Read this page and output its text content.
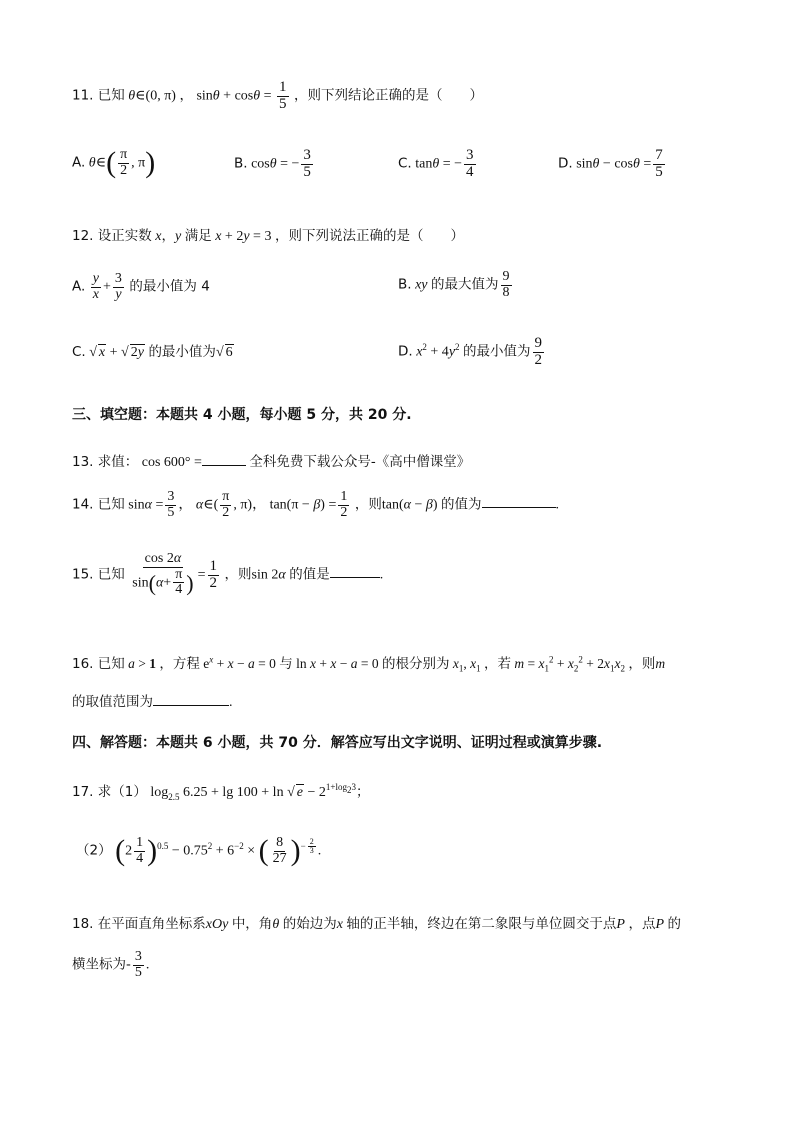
11. 已知 θ∈(0, π) ， $\sin\theta + \cos\theta = \frac{1}{5}$ ，则下列结论正确的是（　　）
A. θ∈( $\frac{\pi}{2}$ , π)	B. cosθ = − $\frac{3}{5}$	C. tanθ = − $\frac{3}{4}$	D. $\sin\theta - \cos\theta = \frac{7}{5}$
12. 设正实数 x，y 满足 x + 2y = 3 ，则下列说法正确的是（　　）
A. $\frac{y}{x} + \frac{3}{y}$ 的最小值为 4	B. xy 的最大值为 $\frac{9}{8}$
C. √ x + √ 2y 的最小值为√ 6	D. $x^2 + 4y^2$ 的最小值为 $\frac{9}{2}$
三、填空题：本题共 4 小题，每小题 5 分，共 20 分.
13. 求值： cos 600° =	全科免费下载公众号-《高中僧课堂》
14. 已知 $\sin\alpha = \frac{3}{5}$ ， α∈( $\frac{\pi}{2}$ , π)， $\tan(\pi - \beta) = \frac{1}{2}$ ，则tan(α − β) 的值为	.
15. 已知 $\frac{\cos 2\alpha}{\sin(\alpha+ \frac{\pi}{4} )} = \frac{1}{2}$ ，则sin 2α 的值是	.
16. 已知 a > 1 ，方程 $e^x + x - a = 0$ 与 ln x + x − a = 0 的根分别为 $x_1$, $x_1$ ，若 $m = x_1^2 + x_2^2 + 2x_1x_2$ ，则m
的取值范围为	.
四、解答题：本题共 6 小题，共 70 分．解答应写出文字说明、证明过程或演算步骤.
17. 求（1） $\log_{2.5} 6.25 + \lg 100 + \ln$ √ $e - 2^{1+log_23}$；
（2） $(2 \frac{1}{4} )^{0.5} - 0.75^2 + 6^{-2}$ × ( $\frac{8}{27} )^{- \frac{2}{3}}$ .
18. 在平面直角坐标系xOy 中，角θ 的始边为x 轴的正半轴，终边在第二象限与单位圆交于点P ，点P 的
横坐标为- $\frac{3}{5}$ .
